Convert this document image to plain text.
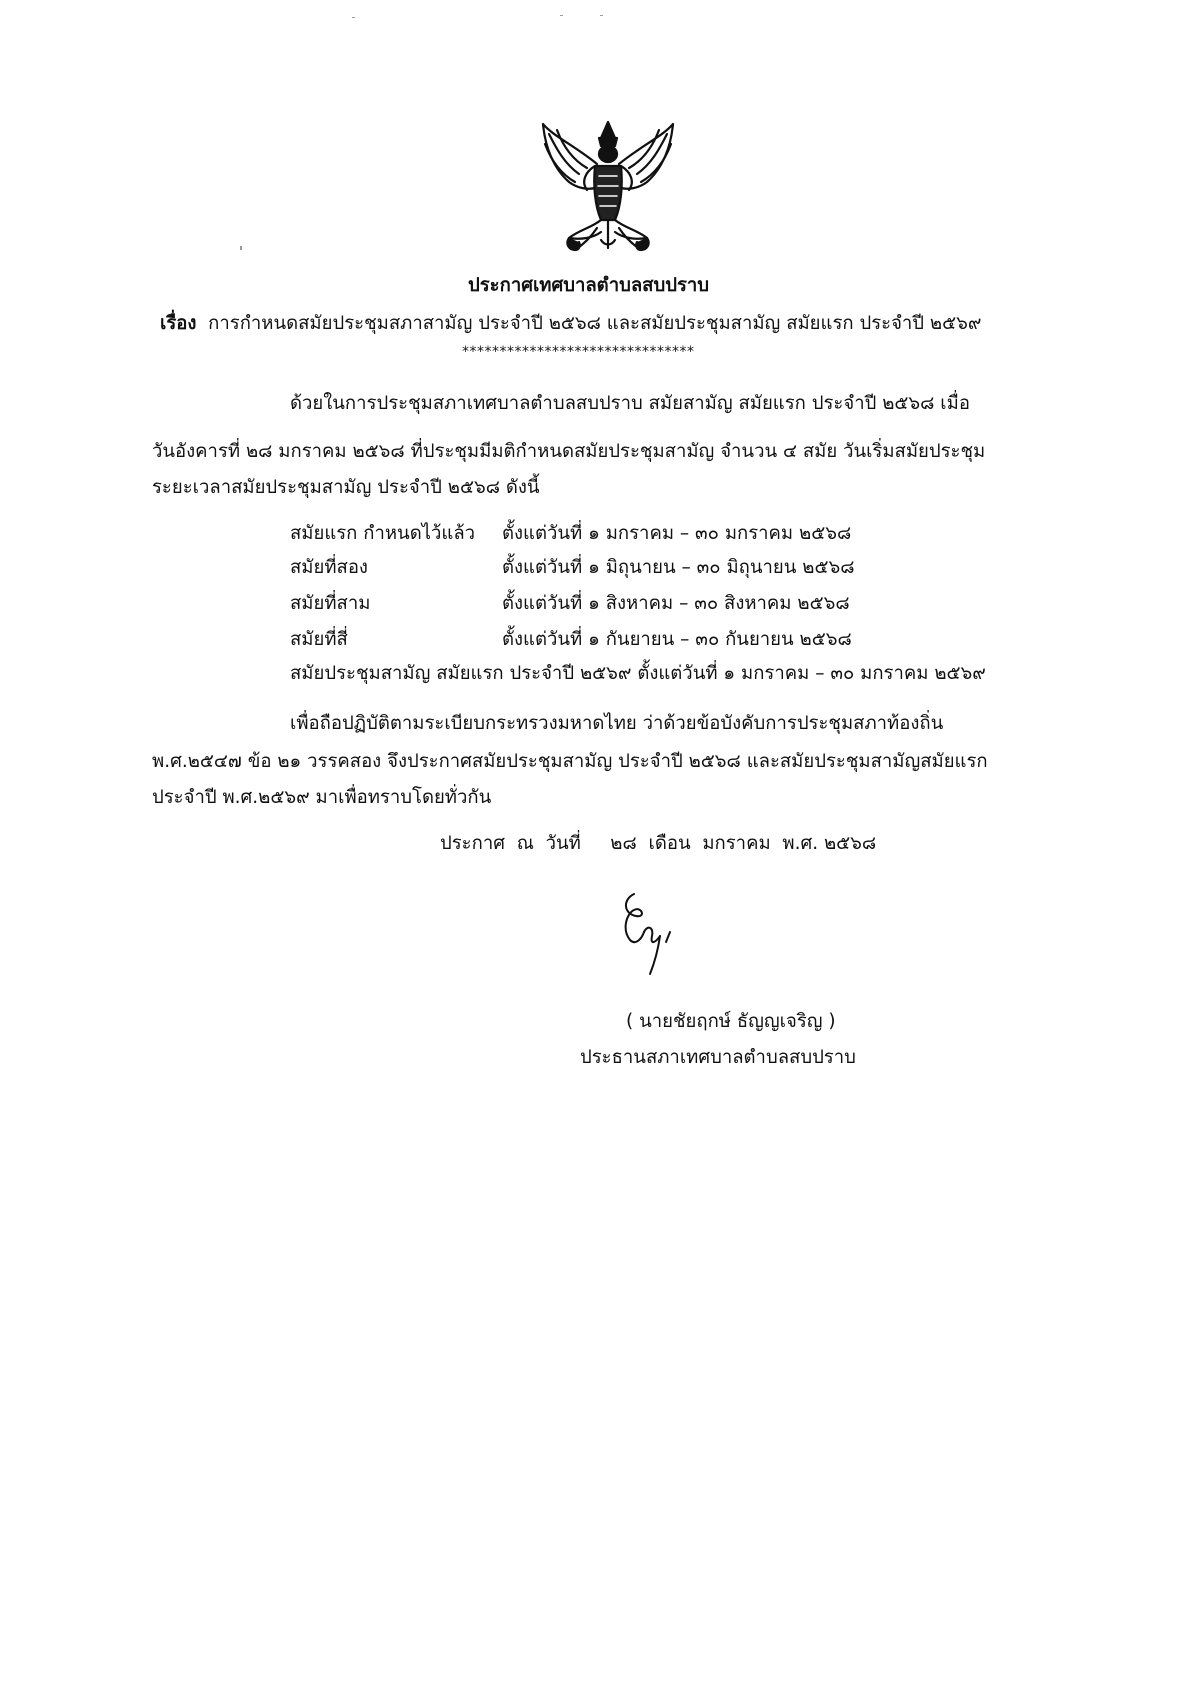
ประกาศเทศบาลตำบลสบปราบ
เรื่อง การกำหนดสมัยประชุมสภาสามัญ ประจำปี ๒๕๖๘ และสมัยประชุมสามัญ สมัยแรก ประจำปี ๒๕๖๙
*******************************
ด้วยในการประชุมสภาเทศบาลตำบลสบปราบ สมัยสามัญ สมัยแรก ประจำปี ๒๕๖๘ เมื่อ
วันอังคารที่ ๒๘ มกราคม ๒๕๖๘ ที่ประชุมมีมติกำหนดสมัยประชุมสามัญ จำนวน ๔ สมัย วันเริ่มสมัยประชุม
ระยะเวลาสมัยประชุมสามัญ ประจำปี ๒๕๖๘ ดังนี้
สมัยแรก กำหนดไว้แล้ว ตั้งแต่วันที่ ๑ มกราคม – ๓๐ มกราคม ๒๕๖๘
สมัยที่สอง	ตั้งแต่วันที่ ๑ มิถุนายน – ๓๐ มิถุนายน ๒๕๖๘
สมัยที่สาม	ตั้งแต่วันที่ ๑ สิงหาคม – ๓๐ สิงหาคม ๒๕๖๘
สมัยที่สี่	ตั้งแต่วันที่ ๑ กันยายน – ๓๐ กันยายน ๒๕๖๘
สมัยประชุมสามัญ สมัยแรก ประจำปี ๒๕๖๙ ตั้งแต่วันที่ ๑ มกราคม – ๓๐ มกราคม ๒๕๖๙
เพื่อถือปฏิบัติตามระเบียบกระทรวงมหาดไทย ว่าด้วยข้อบังคับการประชุมสภาท้องถิ่น
พ.ศ.๒๕๔๗ ข้อ ๒๑ วรรคสอง จึงประกาศสมัยประชุมสามัญ ประจำปี ๒๕๖๘ และสมัยประชุมสามัญสมัยแรก
ประจำปี พ.ศ.๒๕๖๙ มาเพื่อทราบโดยทั่วกัน
ประกาศ  ณ  วันที่     ๒๘  เดือน  มกราคม  พ.ศ. ๒๕๖๘
( นายชัยฤกษ์ ธัญญเจริญ )
ประธานสภาเทศบาลตำบลสบปราบ
